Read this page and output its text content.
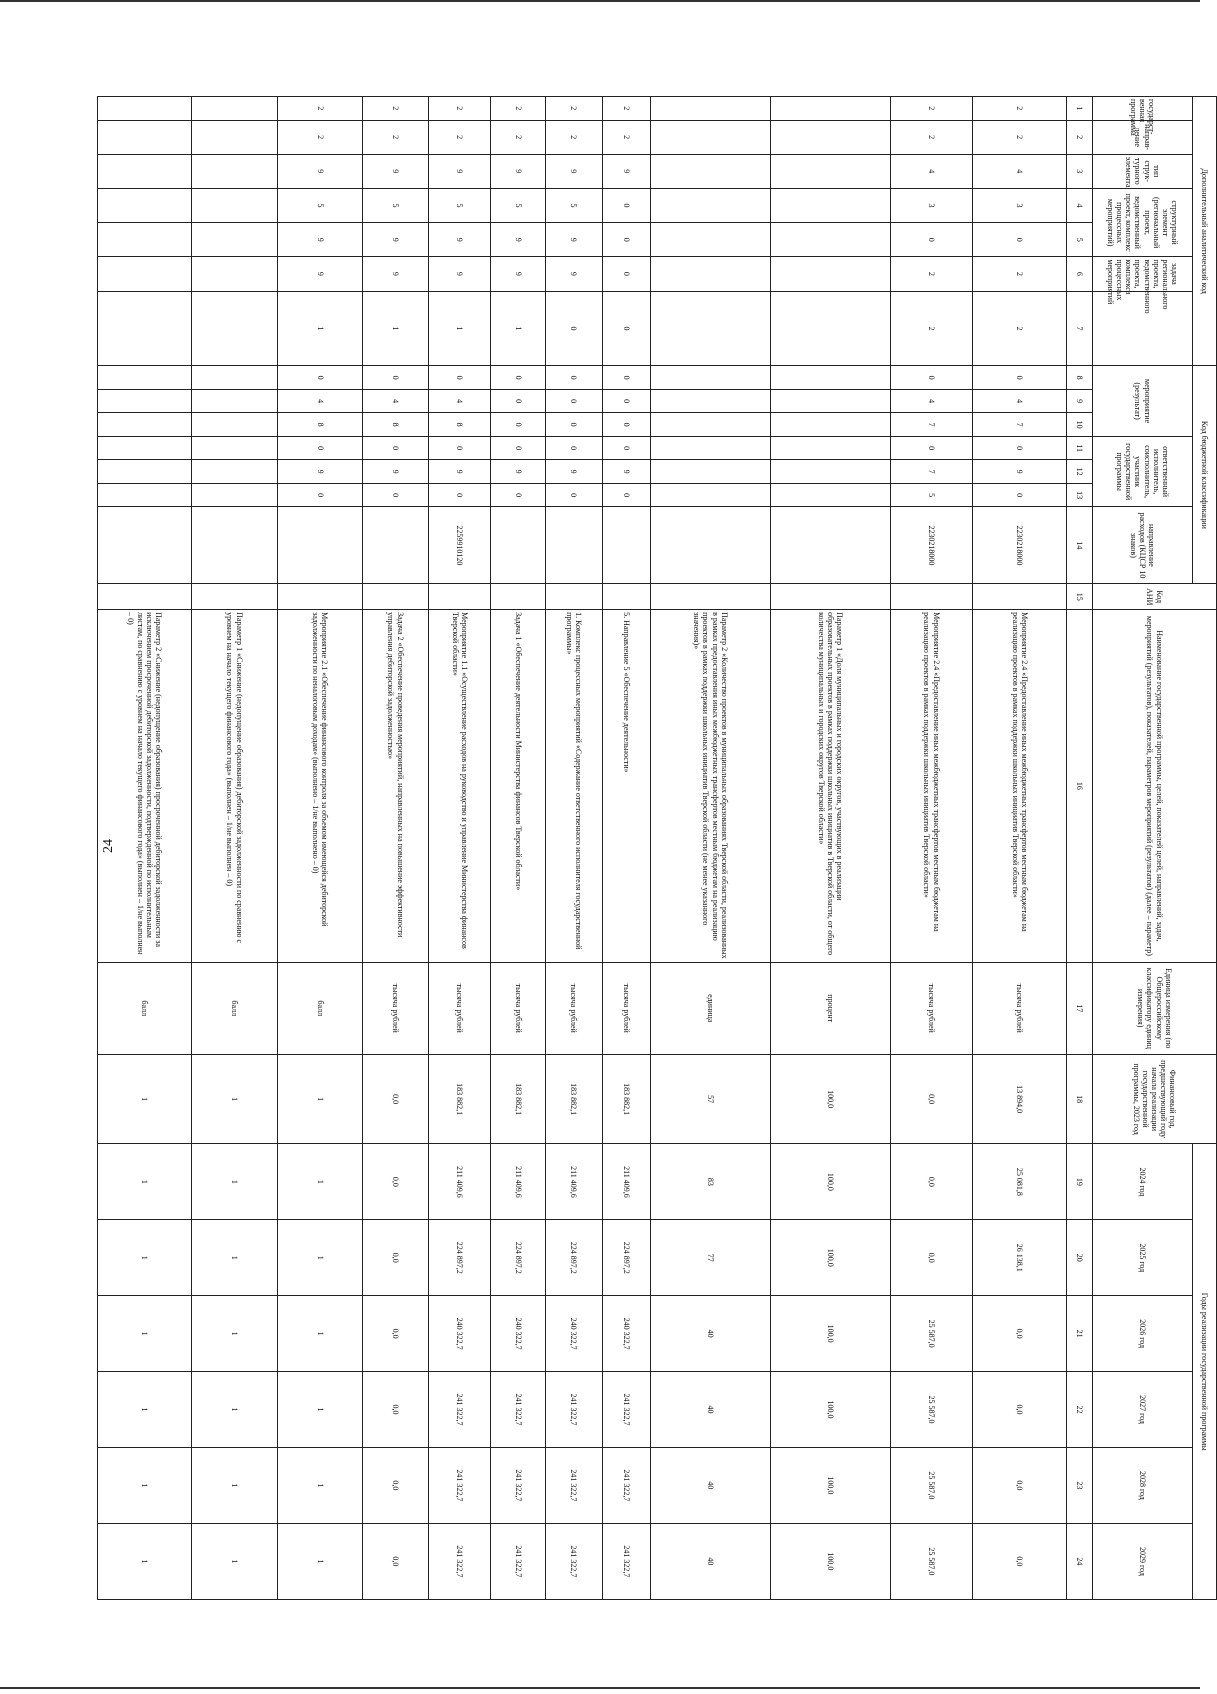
24
Дополнительный аналитический код							Код бюджетной классификации							Код АНИ	Наименование государственной программы, целей, показателей целей, направлений, задач, мероприятий (результатов), показателей, параметров мероприятий (результатов) (далее – параметр)	Единица измерения (по Общероссийскому классификатору единиц измерения)	Финансовый год, предшествующий году начала реализации государственной программы, 2023 год	Годы реализации государственной программы					
государст-венная программа	направ-ление	тип струк-турного элемента	структурный элемент (региональный проект, ведомственный проект, комплекс процессных мероприятий)		задача регионального проекта, ведомственного проекта, комплекса процессных мероприятий		мероприятие (результат)			ответственный исполнитель, соисполнитель, участник государственной программы			направление расходов (КЦСР 10 знаков)					2024 год	2025 год	2026 год	2027 год	2028 год	2029 год

1	2	3	4	5	6	7	8	9	10	11	12	13	14	15	16	17	18	19	20	21	22	23	24
2	2	4	3	0	2	2	0	4	7	0	9	0	2230218000		Мероприятие 2.4 «Предоставление иных межбюджетных трансфертов местным бюджетам на реализацию проектов в рамках поддержки школьных инициатив Тверской области»	тысяча рублей	13 894,0	25 081,8	26 138,1	0,0	0,0	0,0	0,0
2	2	4	3	0	2	2	0	4	7	0	7	5	2230218000		Мероприятие 2.4 «Предоставление иных межбюджетных трансфертов местным бюджетам на реализацию проектов в рамках поддержки школьных инициатив Тверской области»	тысяча рублей	0,0	0,0	0,0	25 587,0	25 587,0	25 587,0	25 587,0
															Параметр 1 «Доля муниципальных и городских округов, участвующих в реализации образовательных проектов в рамках поддержки школьных инициатив в Тверской области, от общего количества муниципальных и городских округов Тверской области»	процент	100,0	100,0	100,0	100,0	100,0	100,0	100,0
															Параметр 2 «Количество проектов в муниципальных образованиях Тверской области, реализованных в рамках предоставления иных межбюджетных трансфертов местным бюджетам на реализацию проектов в рамках поддержки школьных инициатив Тверской области (не менее указанного значения)»	единица	57	83	77	40	40	40	40
2	2	9	0	0	0	0	0	0	0	0	9	0			5. Направление 5 «Обеспечение деятельности»	тысяча рублей	183 882,1	211 409,6	224 897,2	240 322,7	241 322,7	241 322,7	241 322,7
2	2	9	5	9	9	0	0	0	0	0	9	0			1. Комплекс процессных мероприятий «Содержание ответственного исполнителя государственной программы»	тысяча рублей	183 882,1	211 409,6	224 897,2	240 322,7	241 322,7	241 322,7	241 322,7
2	2	9	5	9	9	1	0	0	0	0	9	0			Задача 1 «Обеспечение деятельности Министерства финансов Тверской области»	тысяча рублей	183 882,1	211 409,6	224 897,2	240 322,7	241 322,7	241 322,7	241 322,7
2	2	9	5	9	9	1	0	4	8	0	9	0	2259910120		Мероприятие 1.1 «Осуществление расходов на руководство и управление Министерства финансов Тверской области»	тысяча рублей	183 882,1	211 409,6	224 897,2	240 322,7	241 322,7	241 322,7	241 322,7
2	2	9	5	9	9	1	0	4	8	0	9	0			Задача 2 «Обеспечение проведения мероприятий, направленных на повышение эффективности управления дебиторской задолженностью»	тысяча рублей	0,0	0,0	0,0	0,0	0,0	0,0	0,0
2	2	9	5	9	9	1	0	4	8	0	9	0			Мероприятие 2.1 «Обеспечение финансового контроля за объемом имеющейся дебиторской задолженности по неналоговым доходам» (выполнено – 1/не выполнено – 0)	балл	1	1	1	1	1	1	1
															Параметр 1 «Снижение (недопущение образования) дебиторской задолженности по сравнению с уровнем на начало текущего финансового года» (выполнен – 1/не выполнен – 0)	балл	1	1	1	1	1	1	1
															Параметр 2 «Снижение (недопущение образования) просроченной дебиторской задолженности за исключением просроченной дебиторской задолженности, подтвержденной по исполнительным листам, по сравнению с уровнем на начало текущего финансового года» (выполнен – 1/не выполнен – 0)	балл	1	1	1	1	1	1	1
